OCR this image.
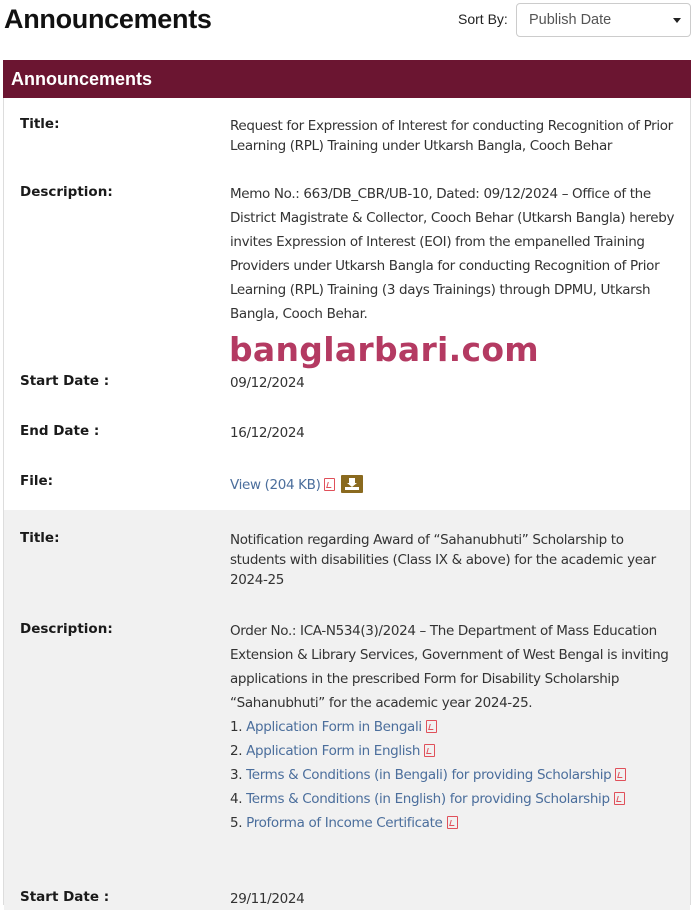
Announcements	Sort By:	Publish Date
Announcements
Title:	Request for Expression of Interest for conducting Recognition of Prior Learning (RPL) Training under Utkarsh Bangla, Cooch Behar
Description:	Memo No.: 663/DB_CBR/UB-10, Dated: 09/12/2024 – Office of the District Magistrate & Collector, Cooch Behar (Utkarsh Bangla) hereby invites Expression of Interest (EOI) from the empanelled Training Providers under Utkarsh Bangla for conducting Recognition of Prior Learning (RPL) Training (3 days Trainings) through DPMU, Utkarsh Bangla, Cooch Behar.
Start Date :	09/12/2024
End Date :	16/12/2024
File:	View (204 KB)
Title:	Notification regarding Award of “Sahanubhuti” Scholarship to students with disabilities (Class IX & above) for the academic year 2024-25
Description:	Order No.: ICA-N534(3)/2024 – The Department of Mass Education Extension & Library Services, Government of West Bengal is inviting applications in the prescribed Form for Disability Scholarship “Sahanubhuti” for the academic year 2024-25.
1. Application Form in Bengali
2. Application Form in English
3. Terms & Conditions (in Bengali) for providing Scholarship
4. Terms & Conditions (in English) for providing Scholarship
5. Proforma of Income Certificate
Start Date :	29/11/2024
banglarbari.com
